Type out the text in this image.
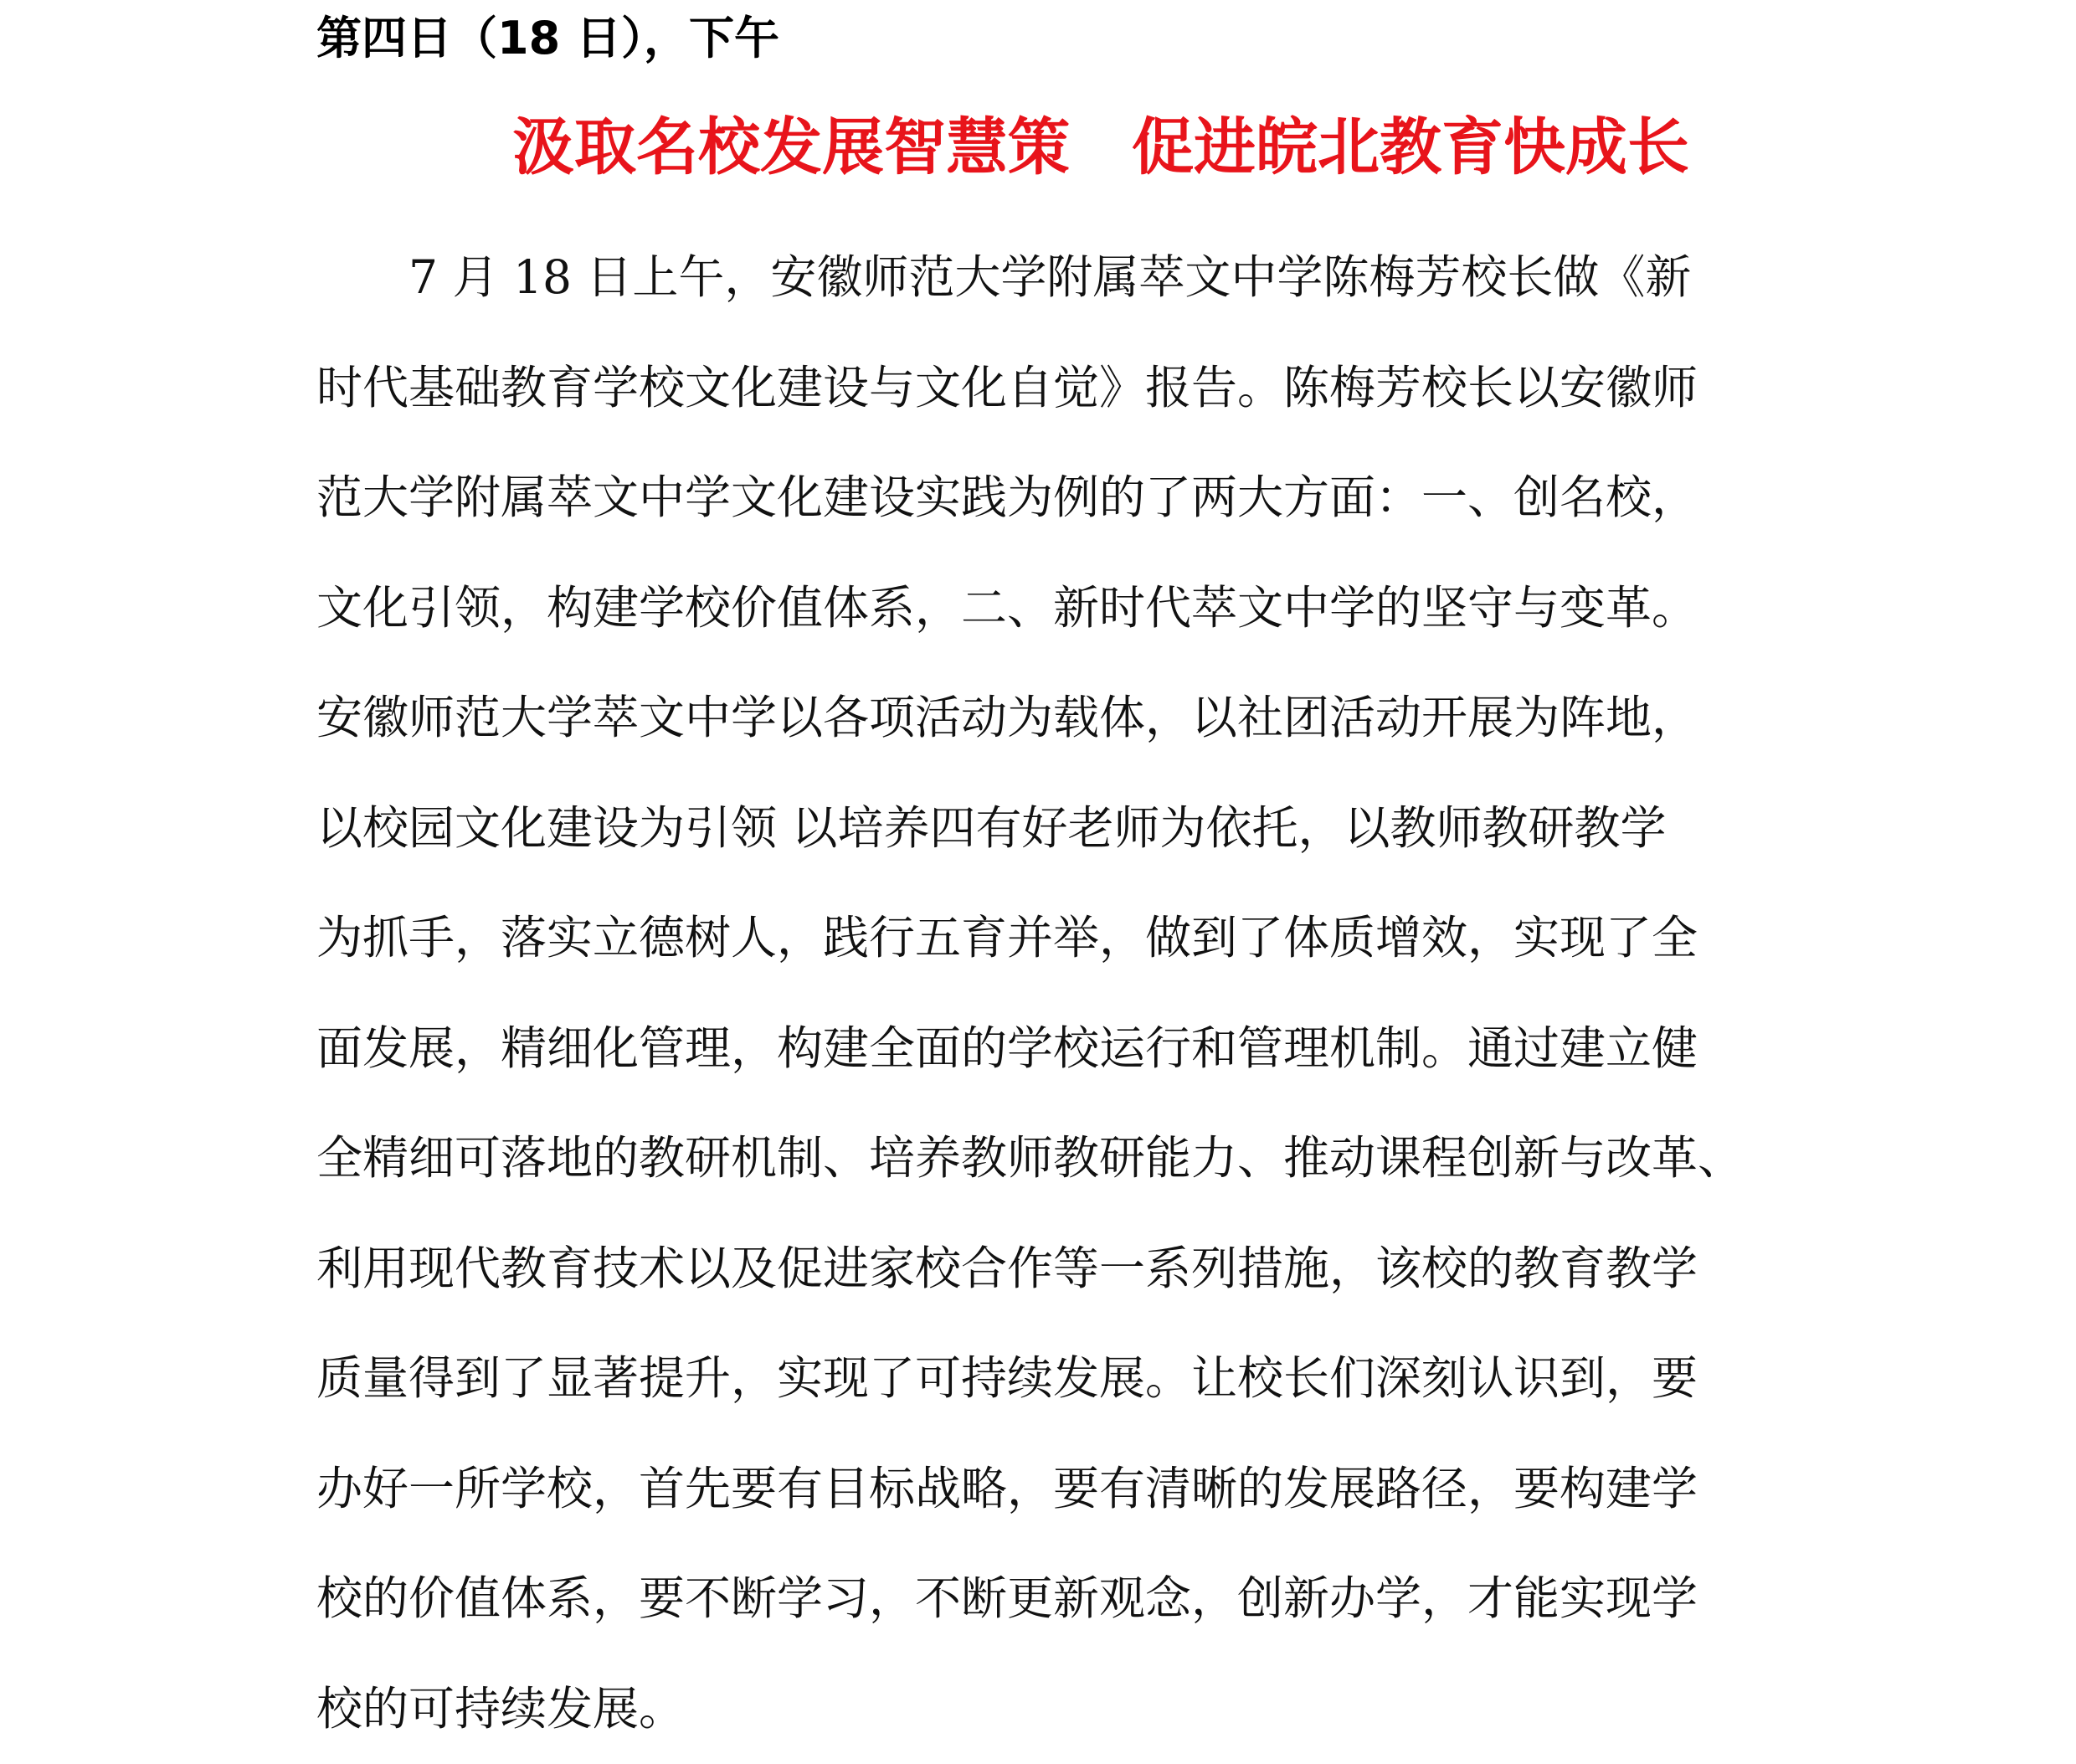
第四日（18 日），下午
汲取名校发展智慧策 促进皖北教育快成长
7 月 18 日上午，安徽师范大学附属萃文中学陈梅芳校长做《新
时代基础教育学校文化建设与文化自觉》报告。陈梅芳校长以安徽师
范大学附属萃文中学文化建设实践为例的了两大方面：一、创名校，
文化引领，构建学校价值体系，二、新时代萃文中学的坚守与变革。
安徽师范大学萃文中学以各项活动为载体，以社团活动开展为阵地，
以校园文化建设为引领 以培养四有好老师为依托，以教师教研教学
为抓手，落实立德树人，践行五育并举，做到了体质增效，实现了全
面发展，精细化管理，构建全面的学校运行和管理机制。通过建立健
全精细可落地的教研机制、培养教师教研能力、推动课程创新与改革、
利用现代教育技术以及促进家校合作等一系列措施，该校的教育教学
质量得到了显著提升，实现了可持续发展。让校长们深刻认识到，要
办好一所学校，首先要有目标战略，要有清晰的发展路径，要构建学
校的价值体系，要不断学习，不断更新观念，创新办学，才能实现学
校的可持续发展。
